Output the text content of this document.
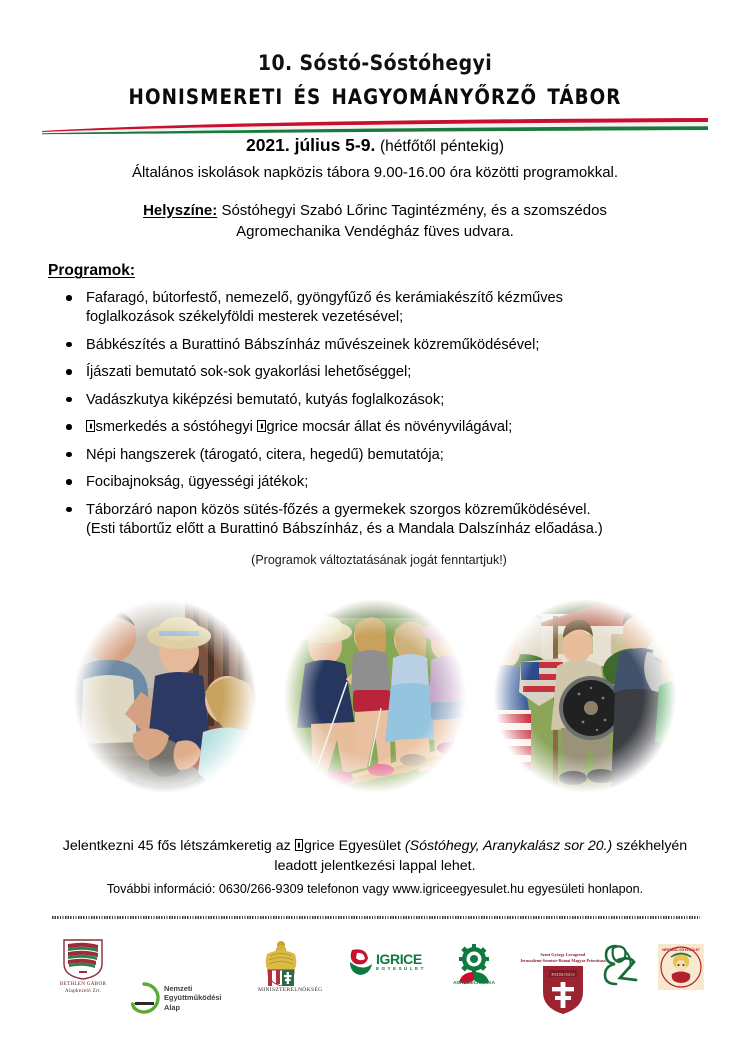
10. Sóstó-Sóstóhegyi
honismereti és hagyományőrző tábor
2021. július 5-9. (hétfőtől péntekig)
Általános iskolások napközis tábora 9.00-16.00 óra közötti programokkal.
Helyszíne: Sóstóhegyi Szabó Lőrinc Tagintézmény, és a szomszédos
Agromechanika Vendégház füves udvara.
Programok:
Fafaragó, bútorfestő, nemezelő, gyöngyfűző és kerámiakészítő kézműves
foglalkozások székelyföldi mesterek vezetésével;
Bábkészítés a Burattinó Bábszínház művészeinek közreműködésével;
Íjászati bemutató sok-sok gyakorlási lehetőséggel;
Vadászkutya kiképzési bemutató, kutyás foglalkozások;
smerkedés a sóstóhegyi grice mocsár állat és növényvilágával;
Népi hangszerek (tárogató, citera, hegedű) bemutatója;
Focibajnokság, ügyességi játékok;
Táborzáró napon közös sütés-főzés a gyermekek szorgos közreműködésével.
(Esti tábortűz előtt a Burattinó Bábszínház, és a Mandala Dalszínház előadása.)
(Programok változtatásának jogát fenntartjuk!)
Jelentkezni 45 fős létszámkeretig az grice Egyesület (Sóstóhegy, Aranykalász sor 20.) székhelyén
leadott jelentkezési lappal lehet.
További információ: 0630/266-9309 telefonon vagy www.igriceegyesulet.hu egyesületi honlapon.
BETHLEN GÁBOR
Alapkezelő Zrt.	Nemzeti
Együttműködési
Alap
MINISZTERELNÖKSÉG
IGRICE
E G Y E S Ü L E T
AGROMECHANIKA
Szent György Lovagrend
Jeruzsálemi-Szentsír-Római Magyar Priorátusa
PATRONUS
NÉPTÁNC EGYESÜLET
